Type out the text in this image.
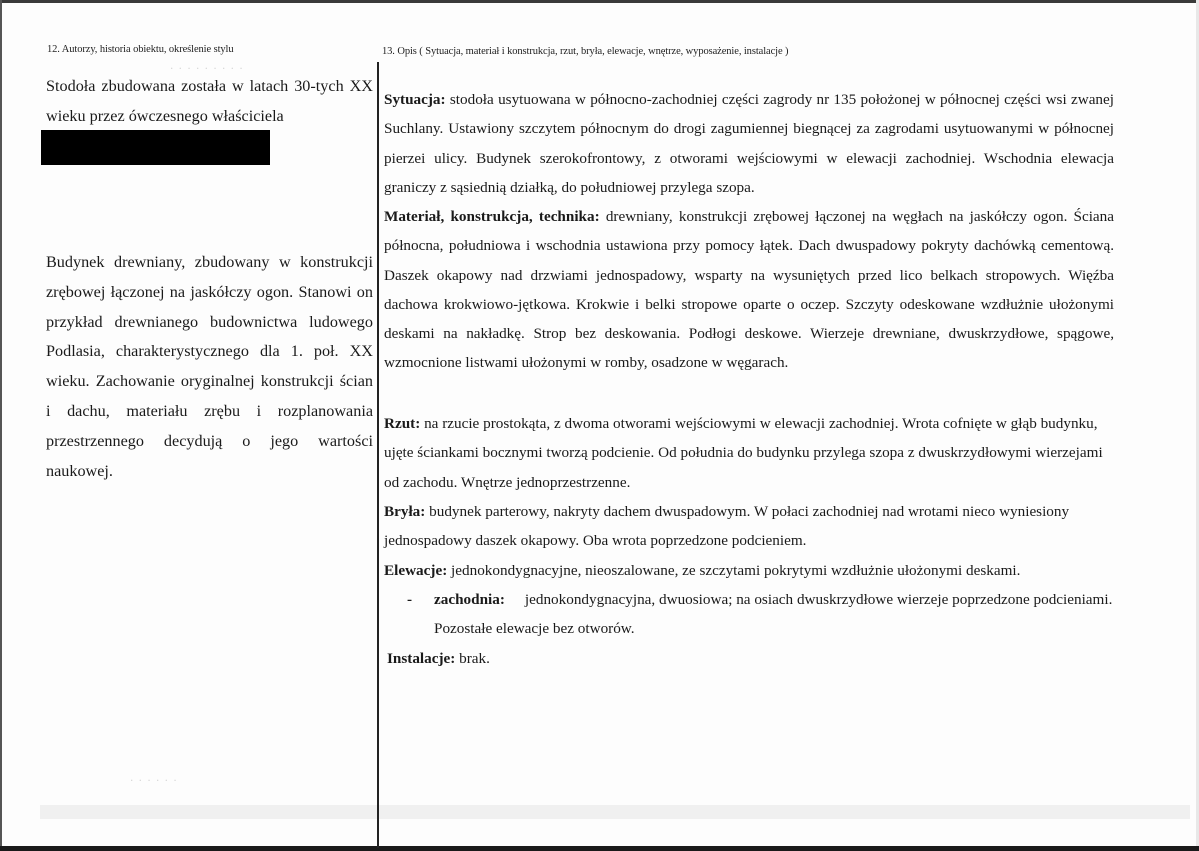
. . . . . . . . .
. . . . . .
12. Autorzy, historia obiektu, określenie stylu
Stodoła zbudowana została w latach 30-tych XX wieku przez ówczesnego właściciela
Budynek drewniany, zbudowany w konstrukcji zrębowej łączonej na jaskółczy ogon. Stanowi on przykład drewnianego budownictwa ludowego Podlasia, charakterystycznego dla 1. poł. XX wieku. Zachowanie oryginalnej konstrukcji ścian i dachu, materiału zrębu i rozplanowania przestrzennego decydują o jego wartości naukowej.
13. Opis ( Sytuacja, materiał i konstrukcja, rzut, bryła, elewacje, wnętrze, wyposażenie, instalacje )

Sytuacja: stodoła usytuowana w północno-zachodniej części zagrody nr 135 położonej w północnej części wsi zwanej Suchlany. Ustawiony szczytem północnym do drogi zagumiennej biegnącej za zagrodami usytuowanymi w północnej pierzei ulicy. Budynek szerokofrontowy, z otworami wejściowymi w elewacji zachodniej. Wschodnia elewacja graniczy z sąsiednią działką, do południowej przylega szopa.

Materiał, konstrukcja, technika: drewniany, konstrukcji zrębowej łączonej na węgłach na jaskółczy ogon. Ściana północna, południowa i wschodnia ustawiona przy pomocy łątek. Dach dwuspadowy pokryty dachówką cementową. Daszek okapowy nad drzwiami jednospadowy, wsparty na wysuniętych przed lico belkach stropowych. Więźba dachowa krokwiowo-jętkowa. Krokwie i belki stropowe oparte o oczep. Szczyty odeskowane wzdłużnie ułożonymi deskami na nakładkę. Strop bez deskowania. Podłogi deskowe. Wierzeje drewniane, dwuskrzydłowe, spągowe, wzmocnione listwami ułożonymi w romby, osadzone w węgarach.

Rzut: na rzucie prostokąta, z dwoma otworami wejściowymi w elewacji zachodniej. Wrota cofnięte w głąb budynku, ujęte ściankami bocznymi tworzą podcienie. Od południa do budynku przylega szopa z dwuskrzydłowymi wierzejami od zachodu. Wnętrze jednoprzestrzenne.

Bryła: budynek parterowy, nakryty dachem dwuspadowym. W połaci zachodniej nad wrotami nieco wyniesiony jednospadowy daszek okapowy. Oba wrota poprzedzone podcieniem.

Elewacje: jednokondygnacyjne, nieoszalowane, ze szczytami pokrytymi wzdłużnie ułożonymi deskami.

- zachodnia: jednokondygnacyjna, dwuosiowa; na osiach dwuskrzydłowe wierzeje poprzedzone podcieniami. Pozostałe elewacje bez otworów.

Instalacje: brak.
